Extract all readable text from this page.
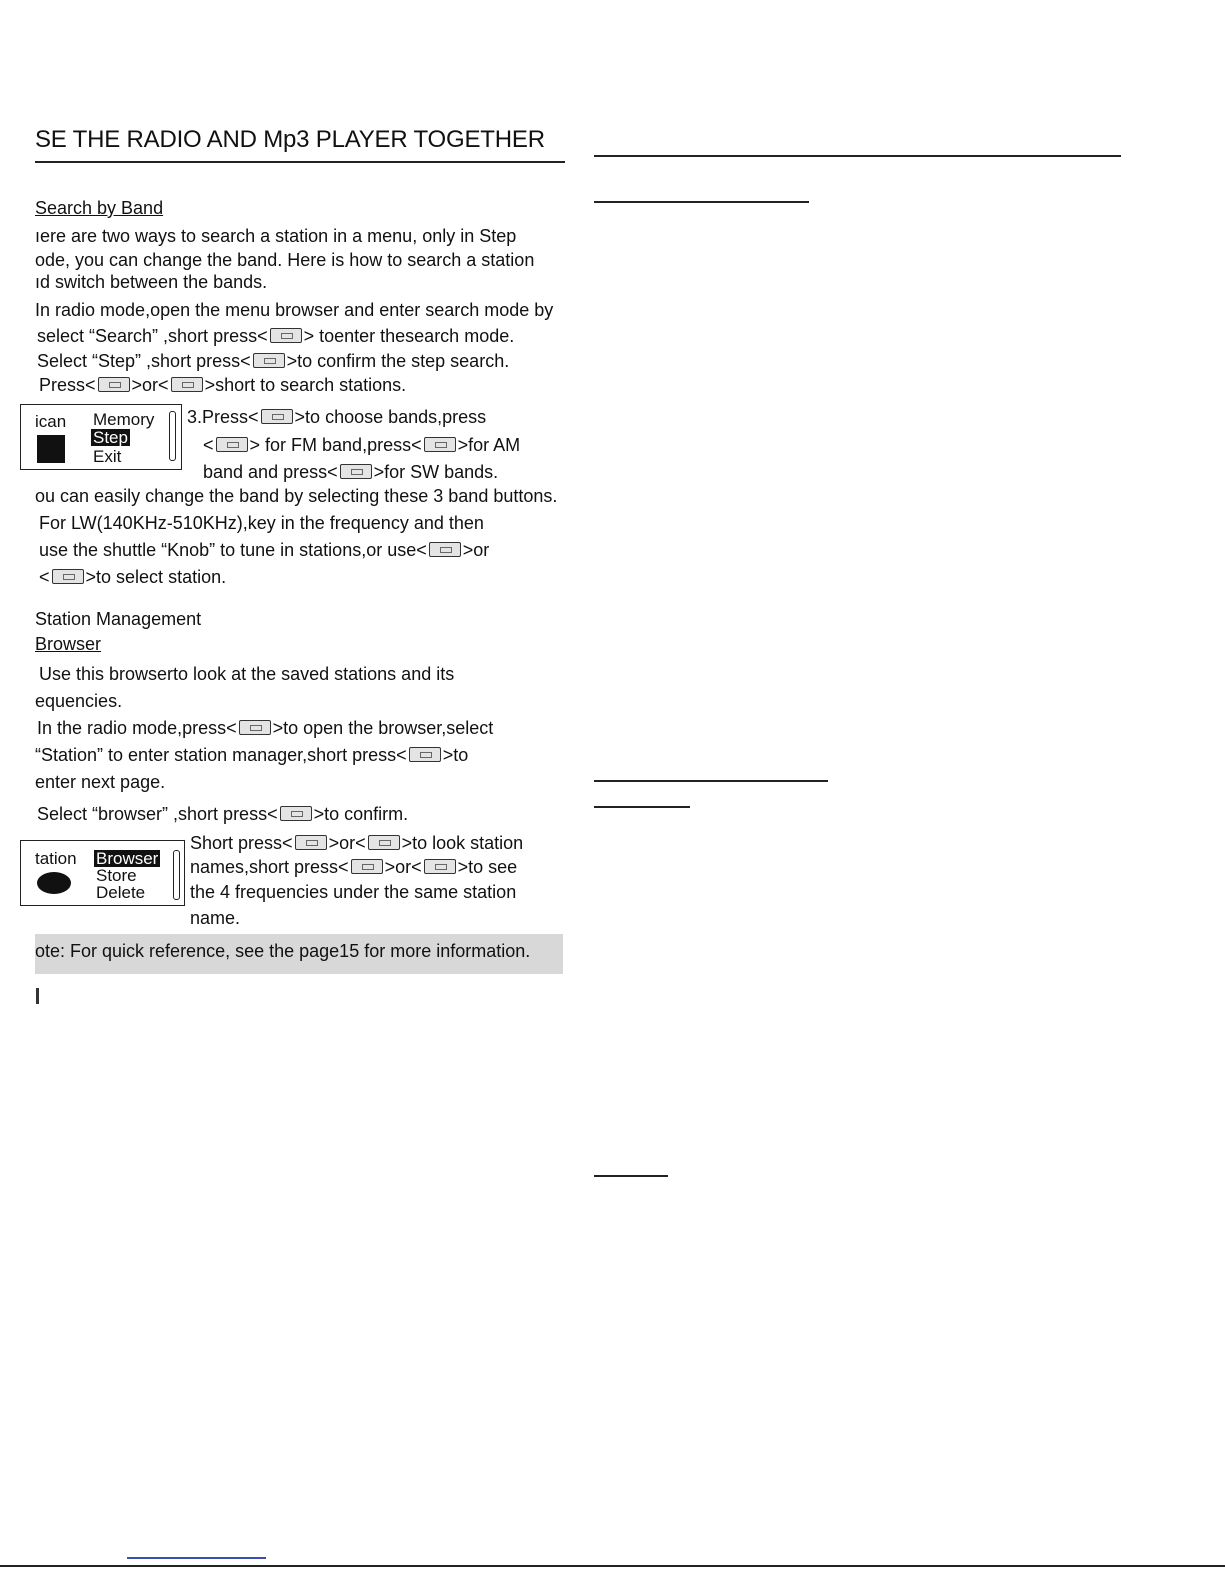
SE THE RADIO AND Mp3 PLAYER TOGETHER
Search by Band
ıere are two ways to search a station in a menu, only in Step
ode, you can change the band. Here is how to search a station
ıd switch between the bands.
In radio mode,open the menu browser and enter search mode by
select “Search” ,short press< > toenter thesearch mode.
Select “Step” ,short press< >to confirm the step search.
Press< >or< >short to search stations.
ican Memory
Step
Exit
3.Press< >to choose bands,press
< > for FM band,press< >for AM
band and press< >for SW bands.
ou can easily change the band by selecting these 3 band buttons.
For LW(140KHz-510KHz),key in the frequency and then
use the shuttle “Knob” to tune in stations,or use< >or
< >to select station.
Station Management
Browser
Use this browserto look at the saved stations and its
equencies.
In the radio mode,press< >to open the browser,select
“Station” to enter station manager,short press< >to
enter next page.
Select “browser” ,short press< >to confirm.
tation Browser
Store
Delete
Short press< >or< >to look station
names,short press< >or< >to see
the 4 frequencies under the same station
name.
ote: For quick reference, see the page15 for more information.
